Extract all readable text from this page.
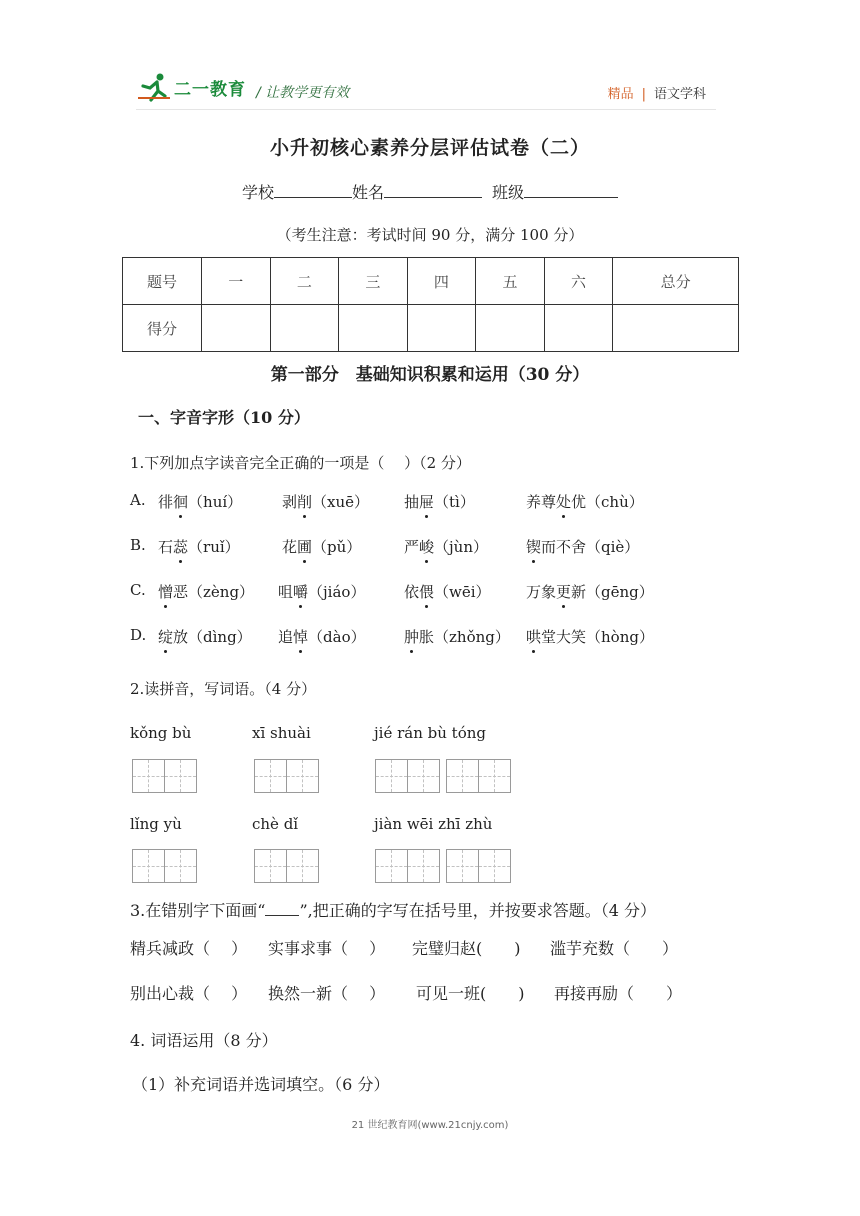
二一教育 / 让教学更有效	精品 | 语文学科
小升初核心素养分层评估试卷（二）
学校	姓名	班级
（考生注意：考试时间 90 分，满分 100 分）
题号	一	二	三	四	五	六	总分
得分							
第一部分　基础知识积累和运用（30 分）
一、字音字形（10 分）
1.下列加点字读音完全正确的一项是（　 ）（2 分）
A. 徘徊（huí）	剥削（xuē） 抽屉（tì）	养尊处优（chù）
B. 石蕊（ruǐ）	花圃（pǔ）	严峻（jùn）	锲而不舍（qiè）
C. 憎恶（zèng） 咀嚼（jiáo）	依偎（wēi） 万象更新（gēng）
D. 绽放（dìng） 追悼（dào）	肿胀（zhǒng） 哄堂大笑（hòng）
2.读拼音，写词语。（4 分）
kǒng bù	xī shuài	jié rán bù tóng
lǐng yù	chè dǐ	jiàn wēi zhī zhù
3.在错别字下面画“ ”,把正确的字写在括号里，并按要求答题。（4 分）
精兵减政（　 ） 实事求事（　 ） 完璧归赵(　　) 滥芋充数（　　）
别出心裁（　 ） 换然一新（　 ） 可见一班(　　) 再接再励（　　）
4. 词语运用（8 分）
（1）补充词语并选词填空。（6 分）
21 世纪教育网(www.21cnjy.com)
